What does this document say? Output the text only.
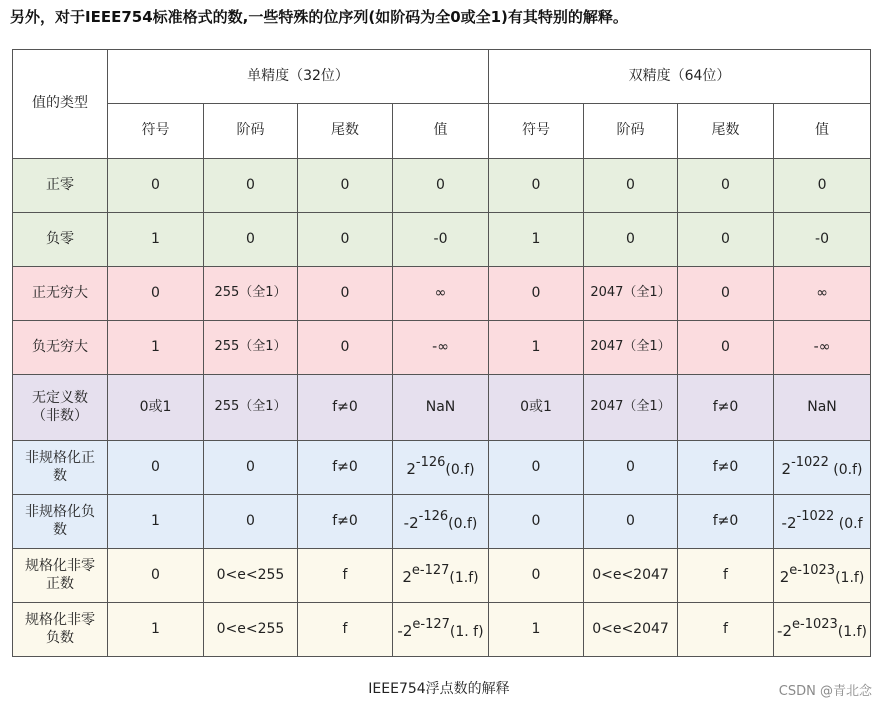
另外，对于IEEE754标准格式的数,一些特殊的位序列(如阶码为全0或全1)有其特别的解释。
值的类型	单精度（32位）				双精度（64位）			
	符号	阶码	尾数	值	符号	阶码	尾数	值
正零	0	0	0	0	0	0	0	0
负零	1	0	0	-0	1	0	0	-0
正无穷大	0	255（全1）	0	∞	0	2047（全1）	0	∞
负无穷大	1	255（全1）	0	-∞	1	2047（全1）	0	-∞
无定义数
（非数）	0或1	255（全1）	f≠0	NaN	0或1	2047（全1）	f≠0	NaN
非规格化正
数	0	0	f≠0	2-126(0.f)	0	0	f≠0	2-1022 (0.f)
非规格化负
数	1	0	f≠0	-2-126(0.f)	0	0	f≠0	-2-1022 (0.f
规格化非零
正数	0	0<e<255	f	2e-127(1.f)	0	0<e<2047	f	2e-1023(1.f)
规格化非零
负数	1	0<e<255	f	-2e-127(1. f)	1	0<e<2047	f	-2e-1023(1.f)
IEEE754浮点数的解释	CSDN @青北念
